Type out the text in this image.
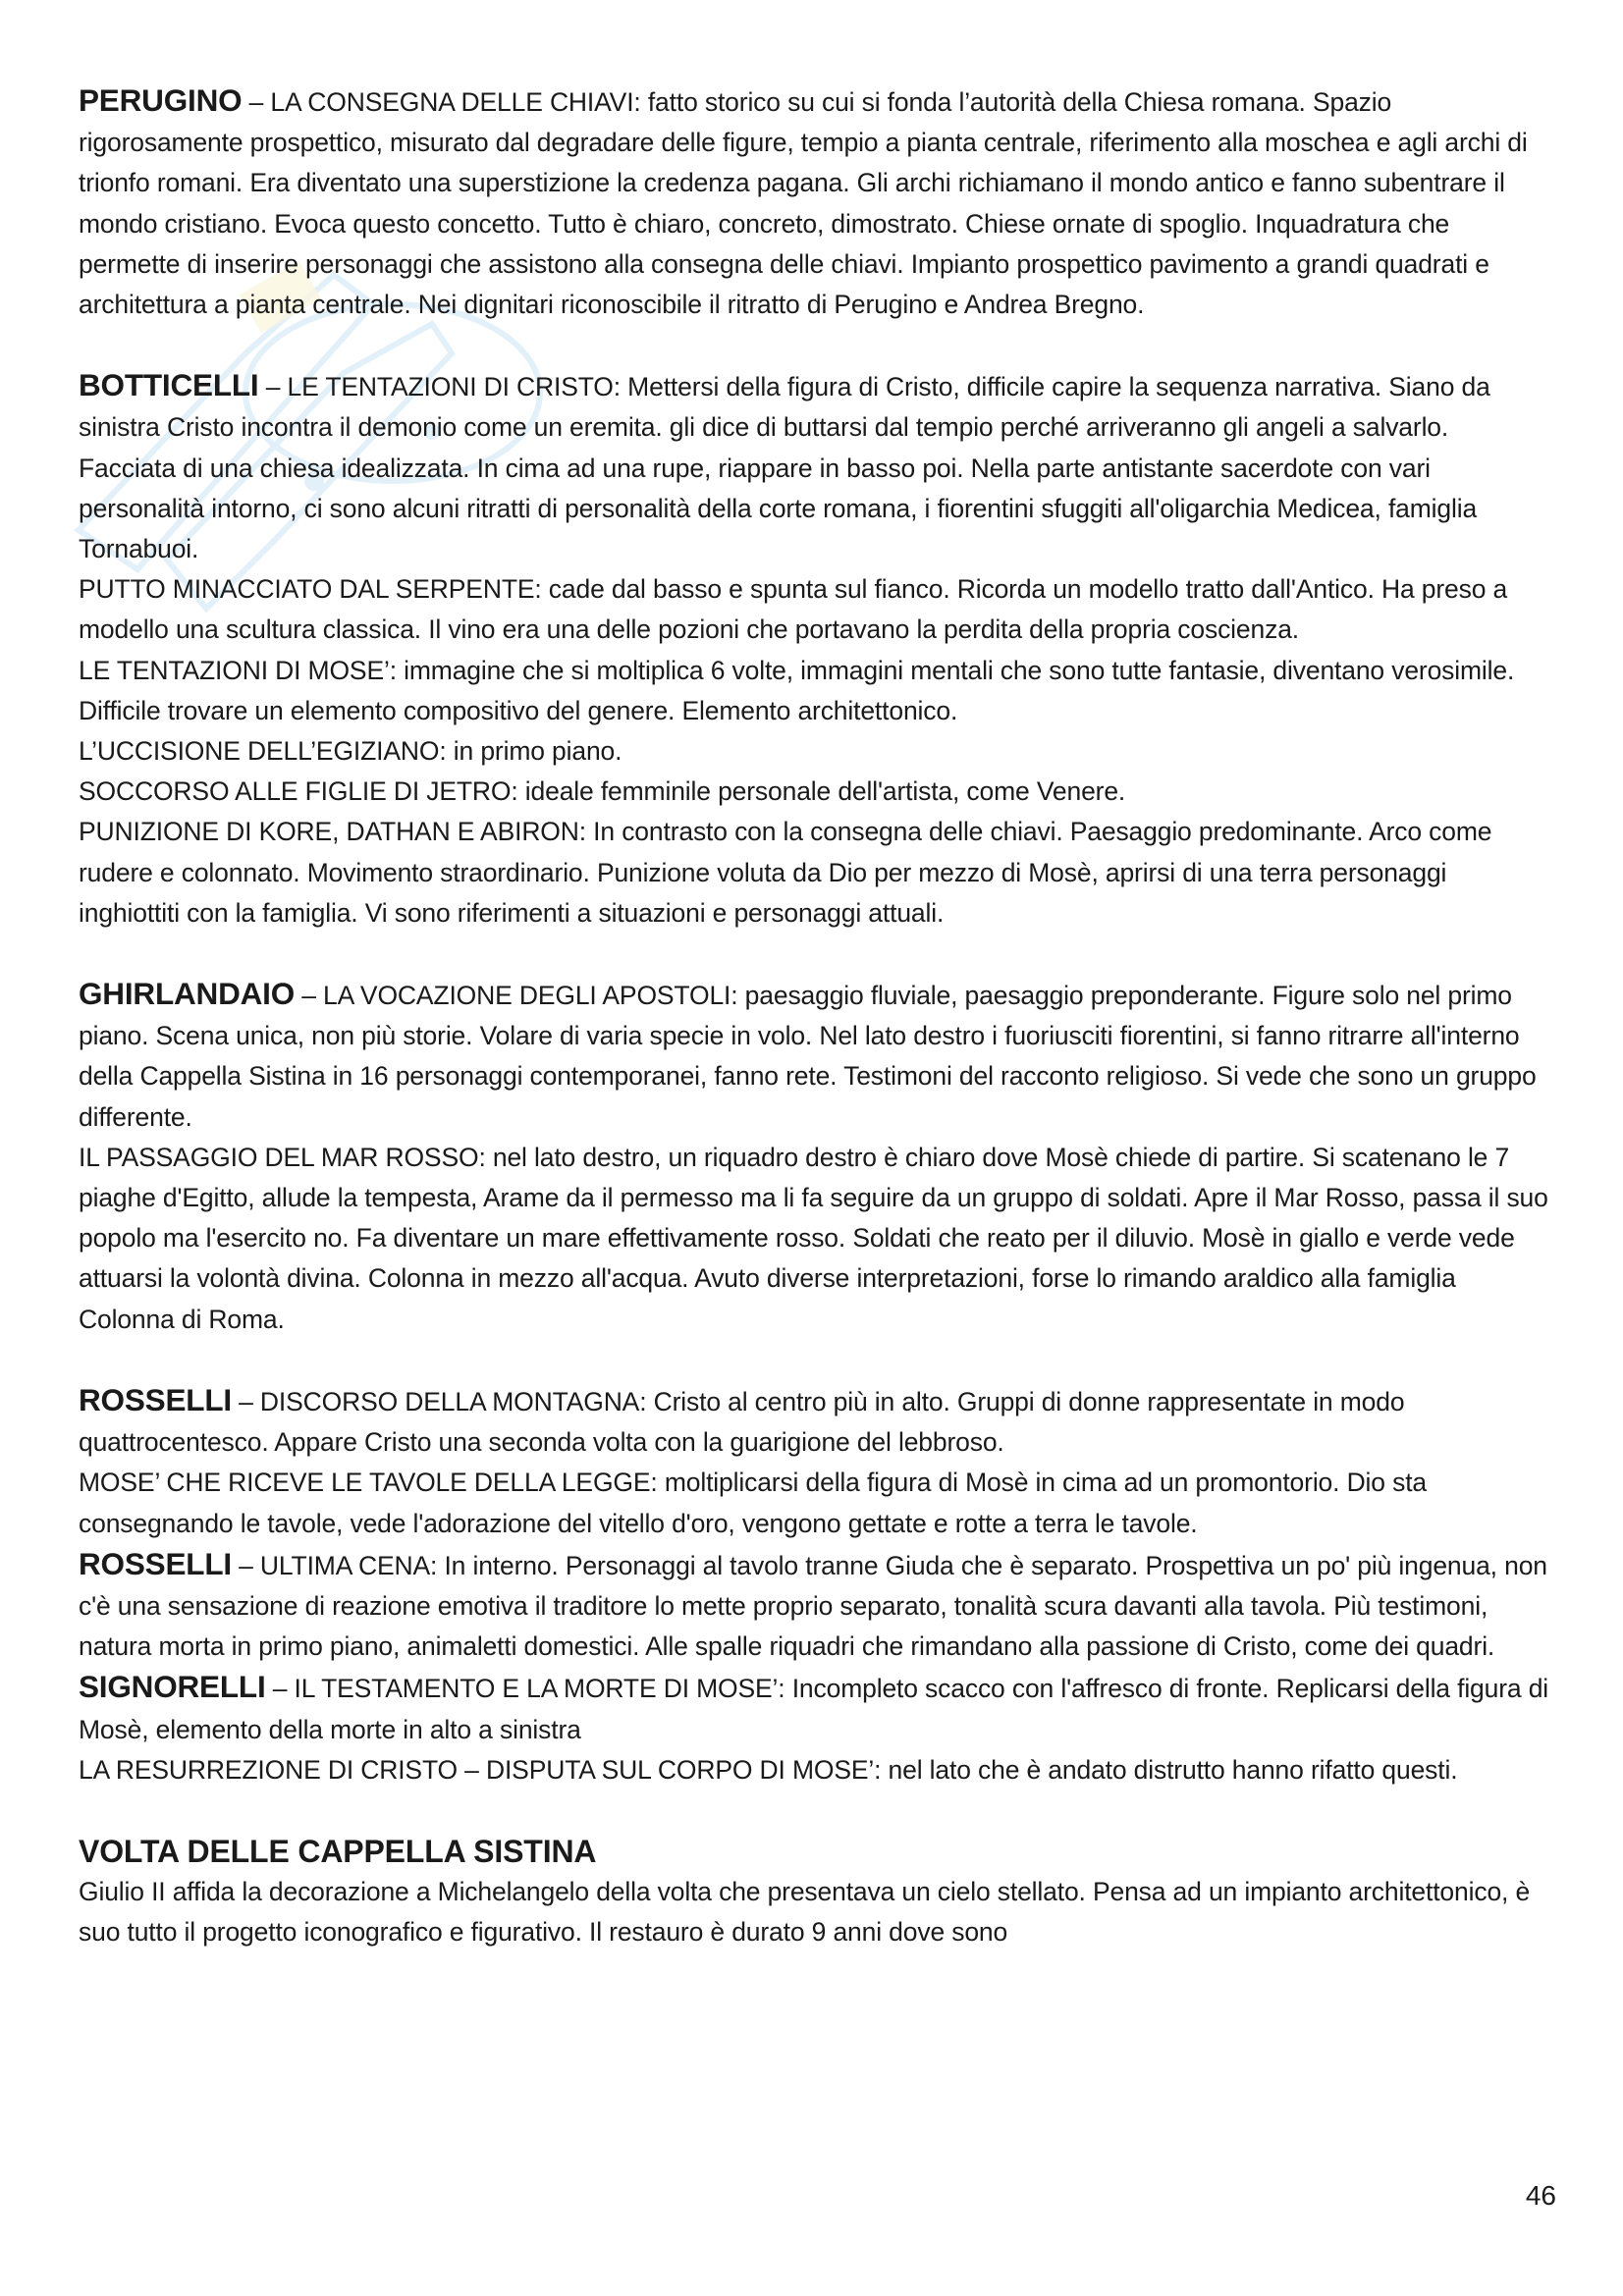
PERUGINO – LA CONSEGNA DELLE CHIAVI: fatto storico su cui si fonda l’autorità della Chiesa romana. Spazio rigorosamente prospettico, misurato dal degradare delle figure, tempio a pianta centrale, riferimento alla moschea e agli archi di trionfo romani. Era diventato una superstizione la credenza pagana. Gli archi richiamano il mondo antico e fanno subentrare il mondo cristiano. Evoca questo concetto. Tutto è chiaro, concreto, dimostrato. Chiese ornate di spoglio. Inquadratura che permette di inserire personaggi che assistono alla consegna delle chiavi. Impianto prospettico pavimento a grandi quadrati e architettura a pianta centrale. Nei dignitari riconoscibile il ritratto di Perugino e Andrea Bregno.

BOTTICELLI – LE TENTAZIONI DI CRISTO: Mettersi della figura di Cristo, difficile capire la sequenza narrativa. Siano da sinistra Cristo incontra il demonio come un eremita. gli dice di buttarsi dal tempio perché arriveranno gli angeli a salvarlo. Facciata di una chiesa idealizzata. In cima ad una rupe, riappare in basso poi. Nella parte antistante sacerdote con vari personalità intorno, ci sono alcuni ritratti di personalità della corte romana, i fiorentini sfuggiti all'oligarchia Medicea, famiglia Tornabuoi.

PUTTO MINACCIATO DAL SERPENTE: cade dal basso e spunta sul fianco. Ricorda un modello tratto dall'Antico. Ha preso a modello una scultura classica. Il vino era una delle pozioni che portavano la perdita della propria coscienza.

LE TENTAZIONI DI MOSE’: immagine che si moltiplica 6 volte, immagini mentali che sono tutte fantasie, diventano verosimile. Difficile trovare un elemento compositivo del genere. Elemento architettonico.

L’UCCISIONE DELL’EGIZIANO: in primo piano.

SOCCORSO ALLE FIGLIE DI JETRO: ideale femminile personale dell'artista, come Venere.

PUNIZIONE DI KORE, DATHAN E ABIRON: In contrasto con la consegna delle chiavi. Paesaggio predominante. Arco come rudere e colonnato. Movimento straordinario. Punizione voluta da Dio per mezzo di Mosè, aprirsi di una terra personaggi inghiottiti con la famiglia. Vi sono riferimenti a situazioni e personaggi attuali.

GHIRLANDAIO – LA VOCAZIONE DEGLI APOSTOLI: paesaggio fluviale, paesaggio preponderante. Figure solo nel primo piano. Scena unica, non più storie. Volare di varia specie in volo. Nel lato destro i fuoriusciti fiorentini, si fanno ritrarre all'interno della Cappella Sistina in 16 personaggi contemporanei, fanno rete. Testimoni del racconto religioso. Si vede che sono un gruppo differente.

IL PASSAGGIO DEL MAR ROSSO: nel lato destro, un riquadro destro è chiaro dove Mosè chiede di partire. Si scatenano le 7 piaghe d'Egitto, allude la tempesta, Arame da il permesso ma li fa seguire da un gruppo di soldati. Apre il Mar Rosso, passa il suo popolo ma l'esercito no. Fa diventare un mare effettivamente rosso. Soldati che reato per il diluvio. Mosè in giallo e verde vede attuarsi la volontà divina. Colonna in mezzo all'acqua. Avuto diverse interpretazioni, forse lo rimando araldico alla famiglia Colonna di Roma.

ROSSELLI – DISCORSO DELLA MONTAGNA: Cristo al centro più in alto. Gruppi di donne rappresentate in modo quattrocentesco. Appare Cristo una seconda volta con la guarigione del lebbroso.

MOSE’ CHE RICEVE LE TAVOLE DELLA LEGGE: moltiplicarsi della figura di Mosè in cima ad un promontorio. Dio sta consegnando le tavole, vede l'adorazione del vitello d'oro, vengono gettate e rotte a terra le tavole.

ROSSELLI – ULTIMA CENA: In interno. Personaggi al tavolo tranne Giuda che è separato. Prospettiva un po' più ingenua, non c'è una sensazione di reazione emotiva il traditore lo mette proprio separato, tonalità scura davanti alla tavola. Più testimoni, natura morta in primo piano, animaletti domestici. Alle spalle riquadri che rimandano alla passione di Cristo, come dei quadri.

SIGNORELLI – IL TESTAMENTO E LA MORTE DI MOSE’: Incompleto scacco con l'affresco di fronte. Replicarsi della figura di Mosè, elemento della morte in alto a sinistra

LA RESURREZIONE DI CRISTO – DISPUTA SUL CORPO DI MOSE’: nel lato che è andato distrutto hanno rifatto questi.

VOLTA DELLE CAPPELLA SISTINA

Giulio II affida la decorazione a Michelangelo della volta che presentava un cielo stellato. Pensa ad un impianto architettonico, è suo tutto il progetto iconografico e figurativo. Il restauro è durato 9 anni dove sono

46
